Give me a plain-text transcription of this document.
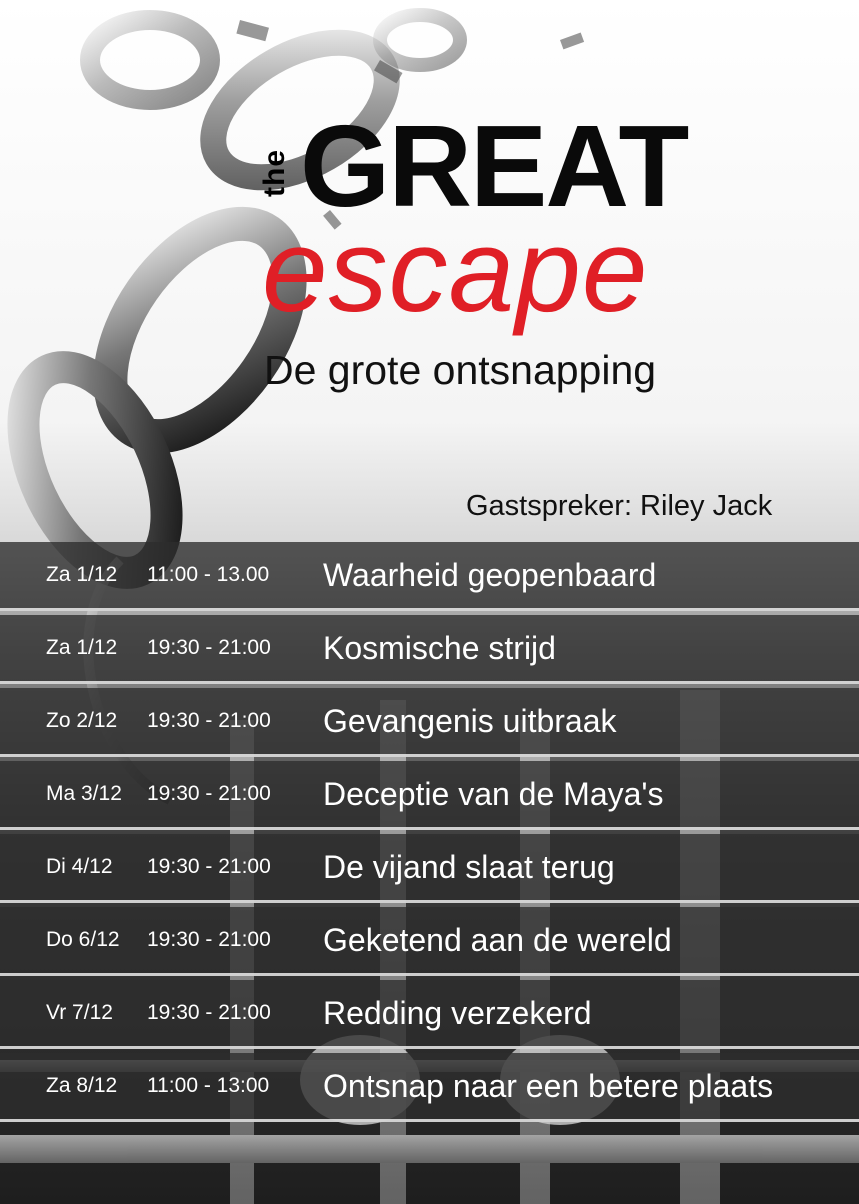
the GREAT
escape
De grote ontsnapping
Gastspreker: Riley Jack
Za 1/12 11:00 - 13.00 Waarheid geopenbaard
Za 1/12 19:30 - 21:00 Kosmische strijd
Zo 2/12 19:30 - 21:00 Gevangenis uitbraak
Ma 3/12 19:30 - 21:00 Deceptie van de Maya's
Di 4/12 19:30 - 21:00 De vijand slaat terug
Do 6/12 19:30 - 21:00 Geketend aan de wereld
Vr 7/12 19:30 - 21:00 Redding verzekerd
Za 8/12 11:00 - 13:00 Ontsnap naar een betere plaats
